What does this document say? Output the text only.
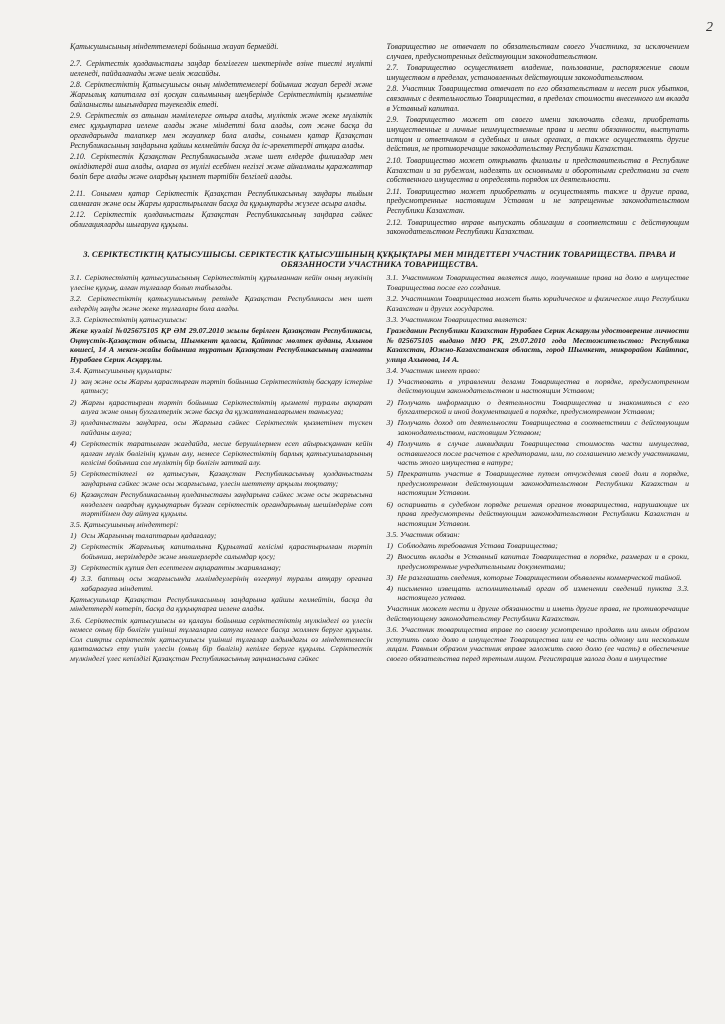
2

Қатысушысының міндеттемелері бойынша жауап бермейді.

2.7. Серіктестік қолданыстағы заңдар белгілеген шектерінде өзіне тиесті мүлікті иеленеді, пайдаланады және иелік жасайды.

2.8. Серіктестіктің Қатысушысы оның міндеттемелері бойынша жауап береді және Жарғылық капиталға өзі қосқан салымының шеңберінде Серіктестіктің қызметіне байланысты шығындарға тәуекелдік етеді.

2.9. Серіктестік өз атынан мәмілелерге отыра алады, мүліктік және жеке мүліктік емес құқықтарға иелене алады және міндетті бола алады, сот және басқа да органдарында талапкер мен жауапкер бола алады, сонымен қатар Қазақстан Республикасының заңдарына қайшы келмейтін басқа да іс-әрекеттерді атқара алады.

2.10. Серіктестік Қазақстан Республикасында және шет елдерде филиалдар мен өкілдіктерді аша алады, оларға өз мүлігі есебінен негізгі және айналмалы қаражаттар бөліп бере алады және олардың қызмет тәртібін белгілей алады.

2.11. Сонымен қатар Серіктестік Қазақстан Республикасының заңдары тыйым салмаған және осы Жарғы қарастырылған басқа да құқықтарды жүзеге асыра алады.

2.12. Серіктестік қолданыстағы Қазақстан Республикасының заңдарға сәйкес облигацияларды шығаруға құқылы.

Товарищество не отвечает по обязательствам своего Участника, за исключением случаев, предусмотренных действующим законодательством.

2.7. Товарищество осуществляет владение, пользование, распоряжение своим имуществом в пределах, установленных действующим законодательством.

2.8. Участник Товарищества отвечает по его обязательствам и несет риск убытков, связанных с деятельностью Товарищества, в пределах стоимости внесенного им вклада в Уставный капитал.

2.9. Товарищество может от своего имени заключать сделки, приобретать имущественные и личные неимущественные права и нести обязанности, выступать истцом и ответчиком в судебных и иных органах, а также осуществлять другие действия, не противоречащие законодательству Республики Казахстан.

2.10. Товарищество может открывать филиалы и представительства в Республике Казахстан и за рубежом, наделять их основными и оборотными средствами за счет собственного имущества и определять порядок их деятельности.

2.11. Товарищество может приобретать и осуществлять также и другие права, предусмотренные настоящим Уставом и не запрещенные законодательством Республики Казахстан.

2.12. Товарищество вправе выпускать облигации в соответствии с действующим законодательством Республики Казахстан.

3. СЕРІКТЕСТІКТІҢ ҚАТЫСУШЫСЫ. СЕРІКТЕСТІК ҚАТЫСУШЫНЫҢ ҚҰҚЫҚТАРЫ МЕН МІНДЕТТЕРІ УЧАСТНИК ТОВАРИЩЕСТВА. ПРАВА И ОБЯЗАННОСТИ УЧАСТНИКА ТОВАРИЩЕСТВА.

3.1. Серіктестіктің қатысушысының Серіктестіктің құрылғаннан кейін оның мүлкінің үлесіне құқық, алған тұлғалар болып табылады.

3.2. Серіктестіктің қатысушысының ретінде Қазақстан Республикасы мен шет елдердің заңды және жеке тұлғалары бола алады.

3.3. Серіктестіктің қатысушысы:

Жеке куәлігі №025675105 ҚР ӘМ 29.07.2010 жылы берілген Қазақстан Республикасы, Оңтүстік-Қазақстан облысы, Шымкент қаласы, Қайтпас мөлтек ауданы, Ахынов көшесі, 14 А мекен-жайы бойынша тұратын Қазақстан Республикасының азаматы Нурабаев Серик Асқарұлы.

3.4. Қатысушының құқылары:

1) заң және осы Жарғы қарастырған тәртіп бойынша Серіктестіктің басқару істеріне қатысу;

2) Жарғы қарастырған тәртіп бойынша Серіктестіктің қызметі туралы ақпарат алуға және оның бухгалтерлік және басқа да құжаттамаларымен танысуға;

3) қолданыстағы заңдарға, осы Жарғыға сәйкес Серіктестік қызметінен түскен пайданы алуға;

4) Серіктестік таратылған жағдайда, несие берушілермен есеп айырысқаннан кейін қалған мүлік бөлігінің құнын алу, немесе Серіктестіктің барлық қатысушыларының келісімі бойынша сол мүліктің бір бөлігін заттай алу.

5) Серіктестіктегі өз қатысуын, Қазақстан Республикасының қолданыстағы заңдарына сәйкес және осы жарғысына, үлесін шеттету арқылы тоқтату;

6) Қазақстан Республикасының қолданыстағы заңдарына сәйкес және осы жарғысына көзделген олардың құқықтарын бұзған серіктестік органдарының шешімдеріне сот тәртібімен дау айтуға құқылы.

3.5. Қатысушының міндеттері:

1) Осы Жарғының талаптарын қадағалау;

2) Серіктестік Жарғылық капиталына Құрылтай келісімі қарастырылған тәртіп бойынша, мерзімдерде және мөлшерлерде салымдар қосу;

3) Серіктестік құпия деп есептеген ақпаратты жарияламау;

4) 3.3. баптың осы жарғысында мәлімдеулерінің өзгертуі туралы атқару органға хабарлауға міндетті.

Қатысушылар Қазақстан Республикасының заңдарына қайшы келмейтін, басқа да міндеттерді көтеріп, басқа да құқықтарға иелене алады.

3.6. Серіктестік қатысушысы өз қалауы бойынша серіктестіктің мүлкіндегі өз үлесін немесе оның бір бөлігін үшінші тұлғаларға сатуға немесе басқа жолмен беруге құқылы. Сол сияқты серіктестік қатысушысы үшінші тұлғалар алдындағы өз міндеттемесін қамтамасыз ету үшін үлесін (оның бір бөлігін) кепілге беруге құқылы. Серіктестік мүлкіндегі үлес кепілдігі Қазақстан Республикасының заңнамасына сәйкес

3.1. Участником Товарищества является лицо, получившие права на долю в имуществе Товарищества после его создания.

3.2. Участником Товарищества может быть юридическое и физическое лицо Республики Казахстан и других государств.

3.3. Участником Товарищества является:

Гражданин Республики Казахстан Нурабаев Серик Аскарулы удостоверение личности №025675105 выдано МЮ РК, 29.07.2010 года Местожительство: Республика Казахстан, Южно-Казахстанская область, город Шымкент, микрорайон Кайтпас, улица Ахынова, 14 А.

3.4. Участник имеет право:

1) Участвовать в управлении делами Товарищества в порядке, предусмотренном действующим законодательством и настоящим Уставом;

2) Получать информацию о деятельности Товарищества и знакомиться с его бухгалтерской и иной документацией в порядке, предусмотренном Уставом;

3) Получать доход от деятельности Товарищества в соответствии с действующим законодательством, настоящим Уставом;

4) Получить в случае ликвидации Товарищества стоимость части имущества, оставшегося после расчетов с кредиторами, или, по соглашению между участниками, часть этого имущества в натуре;

5) Прекратить участие в Товариществе путем отчуждения своей доли в порядке, предусмотренном действующим законодательством Республики Казахстан и настоящим Уставом.

6) оспаривать в судебном порядке решения органов товарищества, нарушающие их права предусмотрены действующим законодательством Республики Казахстан и настоящим Уставом.

3.5. Участник обязан:

1) Соблюдать требования Устава Товарищества;

2) Вносить вклады в Уставный капитал Товарищества в порядке, размерах и в сроки, предусмотренные учредительными документами;

3) Не разглашать сведения, которые Товариществом объявлены коммерческой тайной.

4) письменно извещать исполнительный орган об изменении сведений пункта 3.3. настоящего устава.

Участник может нести и другие обязанности и иметь другие права, не противоречащие действующему законодательству Республики Казахстан.

3.6. Участник товарищества вправе по своему усмотрению продать или иным образом уступить свою долю в имуществе Товарищества или ее часть одному или нескольким лицам. Равным образом участник вправе заложить свою долю (ее часть) в обеспечение своего обязательства перед третьим лицом. Регистрация залога доли в имуществе
